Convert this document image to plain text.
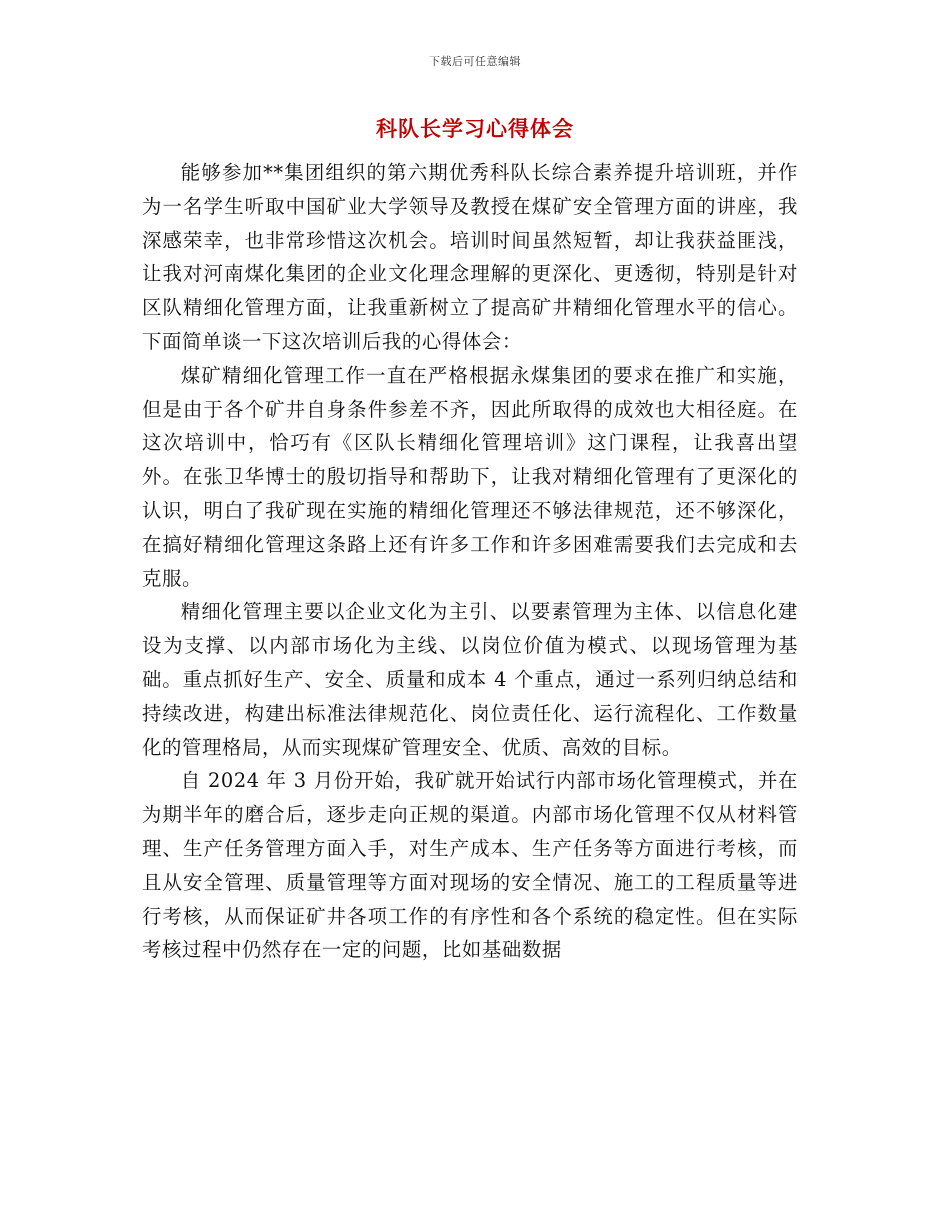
下载后可任意编辑
科队长学习心得体会

能够参加**集团组织的第六期优秀科队长综合素养提升培训班，并作为一名学生听取中国矿业大学领导及教授在煤矿安全管理方面的讲座，我深感荣幸，也非常珍惜这次机会。培训时间虽然短暂，却让我获益匪浅，让我对河南煤化集团的企业文化理念理解的更深化、更透彻，特别是针对区队精细化管理方面，让我重新树立了提高矿井精细化管理水平的信心。下面简单谈一下这次培训后我的心得体会：

煤矿精细化管理工作一直在严格根据永煤集团的要求在推广和实施，但是由于各个矿井自身条件参差不齐，因此所取得的成效也大相径庭。在这次培训中，恰巧有《区队长精细化管理培训》这门课程，让我喜出望外。在张卫华博士的殷切指导和帮助下，让我对精细化管理有了更深化的认识，明白了我矿现在实施的精细化管理还不够法律规范，还不够深化，在搞好精细化管理这条路上还有许多工作和许多困难需要我们去完成和去克服。

精细化管理主要以企业文化为主引、以要素管理为主体、以信息化建设为支撑、以内部市场化为主线、以岗位价值为模式、以现场管理为基础。重点抓好生产、安全、质量和成本 4 个重点，通过一系列归纳总结和持续改进，构建出标准法律规范化、岗位责任化、运行流程化、工作数量化的管理格局，从而实现煤矿管理安全、优质、高效的目标。

自 2024 年 3 月份开始，我矿就开始试行内部市场化管理模式，并在为期半年的磨合后，逐步走向正规的渠道。内部市场化管理不仅从材料管理、生产任务管理方面入手，对生产成本、生产任务等方面进行考核，而且从安全管理、质量管理等方面对现场的安全情况、施工的工程质量等进行考核，从而保证矿井各项工作的有序性和各个系统的稳定性。但在实际考核过程中仍然存在一定的问题，比如基础数据
